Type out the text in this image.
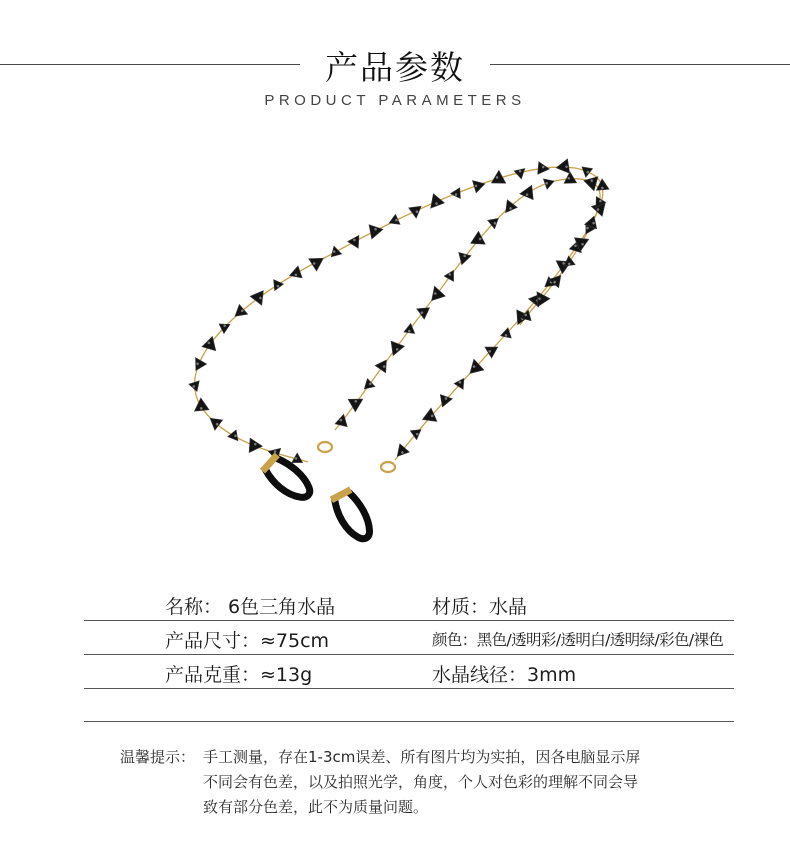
产品参数
PRODUCT PARAMETERS
名称： 6色三角水晶	材质：水晶
产品尺寸：≈75cm	颜色：黑色/透明彩/透明白/透明绿/彩色/裸色
产品克重：≈13g	水晶线径：3mm
温馨提示： 手工测量，存在1-3cm误差、所有图片均为实拍，因各电脑显示屏
不同会有色差，以及拍照光学，角度，个人对色彩的理解不同会导
致有部分色差，此不为质量问题。
